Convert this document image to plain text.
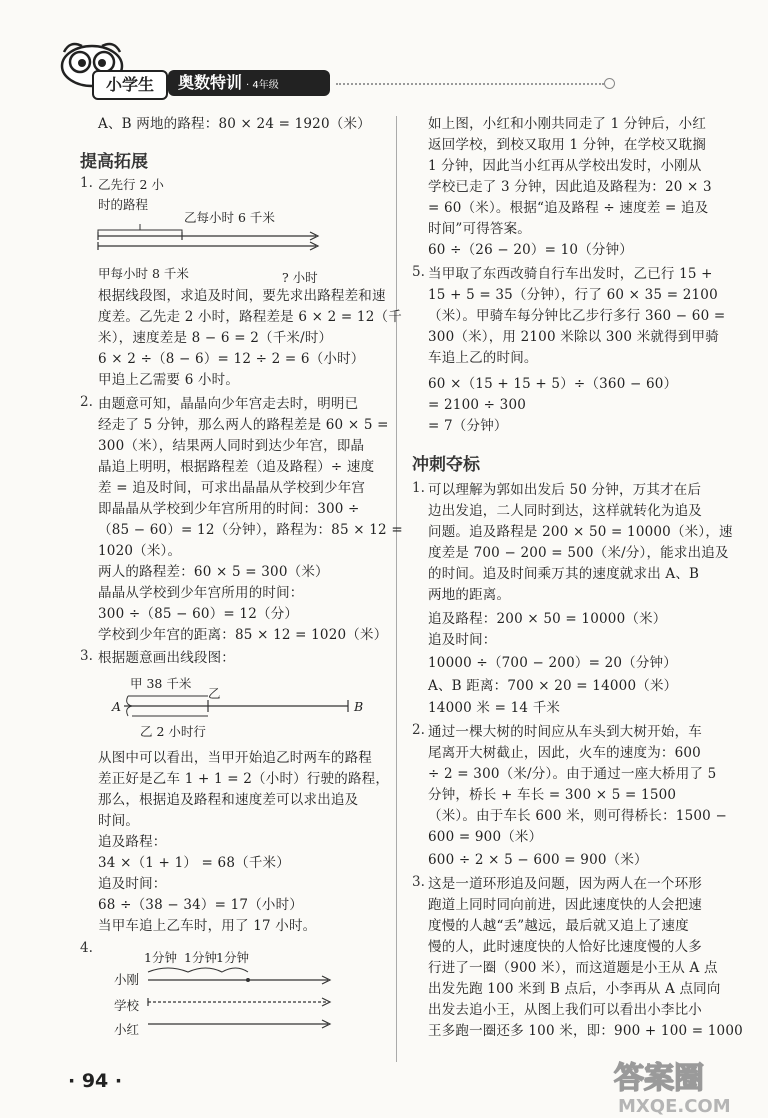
小学生	奥数特训 · 4年级
A、B 两地的路程：80 × 24 = 1920（米）
提高拓展
1. 乙先行 2 小
时的路程
乙每小时 6 千米
甲每小时 8 千米	? 小时
根据线段图，求追及时间，要先求出路程差和速
度差。乙先走 2 小时，路程差是 6 × 2 = 12（千
米），速度差是 8 − 6 = 2（千米/时）
6 × 2 ÷（8 − 6）= 12 ÷ 2 = 6（小时）
甲追上乙需要 6 小时。
2. 由题意可知，晶晶向少年宫走去时，明明已
经走了 5 分钟，那么两人的路程差是 60 × 5 =
300（米），结果两人同时到达少年宫，即晶
晶追上明明，根据路程差（追及路程）÷ 速度
差 = 追及时间，可求出晶晶从学校到少年宫
即晶晶从学校到少年宫所用的时间：300 ÷
（85 − 60）= 12（分钟），路程为：85 × 12 =
1020（米）。
两人的路程差：60 × 5 = 300（米）
晶晶从学校到少年宫所用的时间：
300 ÷（85 − 60）= 12（分）
学校到少年宫的距离：85 × 12 = 1020（米）
3. 根据题意画出线段图：
甲 38 千米
乙
A	B
乙 2 小时行
从图中可以看出，当甲开始追乙时两车的路程
差正好是乙车 1 + 1 = 2（小时）行驶的路程，
那么，根据追及路程和速度差可以求出追及
时间。
追及路程：
34 ×（1 + 1） = 68（千米）
追及时间：
68 ÷（38 − 34）= 17（小时）
当甲车追上乙车时，用了 17 小时。
4.
1分钟 1分钟 1分钟
小刚
学校
小红
如上图，小红和小刚共同走了 1 分钟后，小红
返回学校，到校又取用 1 分钟，在学校又耽搁
1 分钟，因此当小红再从学校出发时，小刚从
学校已走了 3 分钟，因此追及路程为：20 × 3
= 60（米）。根据“追及路程 ÷ 速度差 = 追及
时间”可得答案。
60 ÷（26 − 20）= 10（分钟）
5. 当甲取了东西改骑自行车出发时，乙已行 15 +
15 + 5 = 35（分钟），行了 60 × 35 = 2100
（米）。甲骑车每分钟比乙步行多行 360 − 60 =
300（米），用 2100 米除以 300 米就得到甲骑
车追上乙的时间。
60 ×（15 + 15 + 5）÷（360 − 60）
= 2100 ÷ 300
= 7（分钟）
冲刺夺标
1. 可以理解为郭如出发后 50 分钟，万其才在后
边出发追，二人同时到达，这样就转化为追及
问题。追及路程是 200 × 50 = 10000（米），速
度差是 700 − 200 = 500（米/分），能求出追及
的时间。追及时间乘万其的速度就求出 A、B
两地的距离。
追及路程：200 × 50 = 10000（米）
追及时间：
10000 ÷（700 − 200）= 20（分钟）
A、B 距离：700 × 20 = 14000（米）
14000 米 = 14 千米
2. 通过一棵大树的时间应从车头到大树开始，车
尾离开大树截止，因此，火车的速度为：600
÷ 2 = 300（米/分）。由于通过一座大桥用了 5
分钟，桥长 + 车长 = 300 × 5 = 1500
（米）。由于车长 600 米，则可得桥长：1500 −
600 = 900（米）
600 ÷ 2 × 5 − 600 = 900（米）
3. 这是一道环形追及问题，因为两人在一个环形
跑道上同时同向前进，因此速度快的人会把速
度慢的人越“丢”越远，最后就又追上了速度
慢的人，此时速度快的人恰好比速度慢的人多
行进了一圈（900 米），而这道题是小王从 A 点
出发先跑 100 米到 B 点后，小李再从 A 点同向
出发去追小王，从图上我们可以看出小李比小
王多跑一圈还多 100 米，即：900 + 100 = 1000
· 94 ·	答案圈
MXQE.COM
